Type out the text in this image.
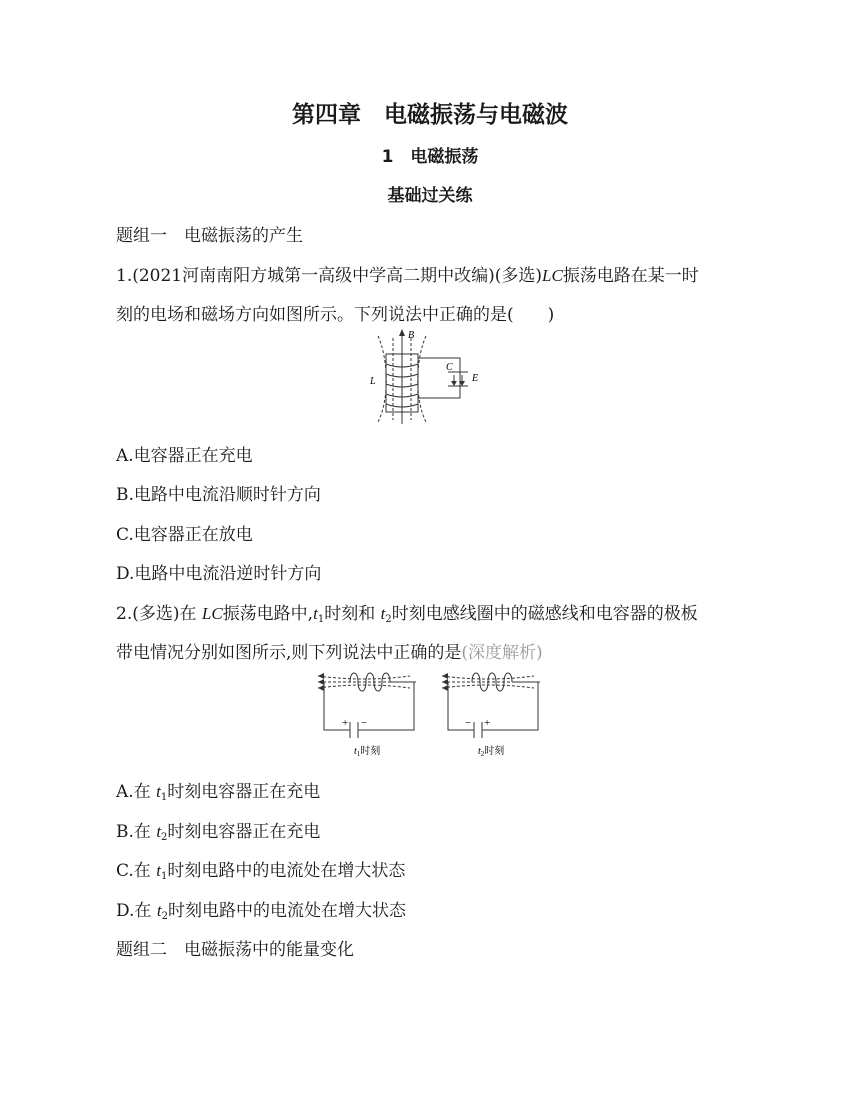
第四章　电磁振荡与电磁波
1　电磁振荡
基础过关练
题组一　电磁振荡的产生
1.(2021河南南阳方城第一高级中学高二期中改编)(多选)LC振荡电路在某一时
刻的电场和磁场方向如图所示。下列说法中正确的是(　　)
B
C
L	E
A.电容器正在充电
B.电路中电流沿顺时针方向
C.电容器正在放电
D.电路中电流沿逆时针方向
2.(多选)在 LC振荡电路中,t1时刻和 t2时刻电感线圈中的磁感线和电容器的极板
带电情况分别如图所示,则下列说法中正确的是(深度解析)
+ −
$t_1$时刻
− +
$t_2$时刻
A.在 t1时刻电容器正在充电
B.在 t2时刻电容器正在充电
C.在 t1时刻电路中的电流处在增大状态
D.在 t2时刻电路中的电流处在增大状态
题组二　电磁振荡中的能量变化
